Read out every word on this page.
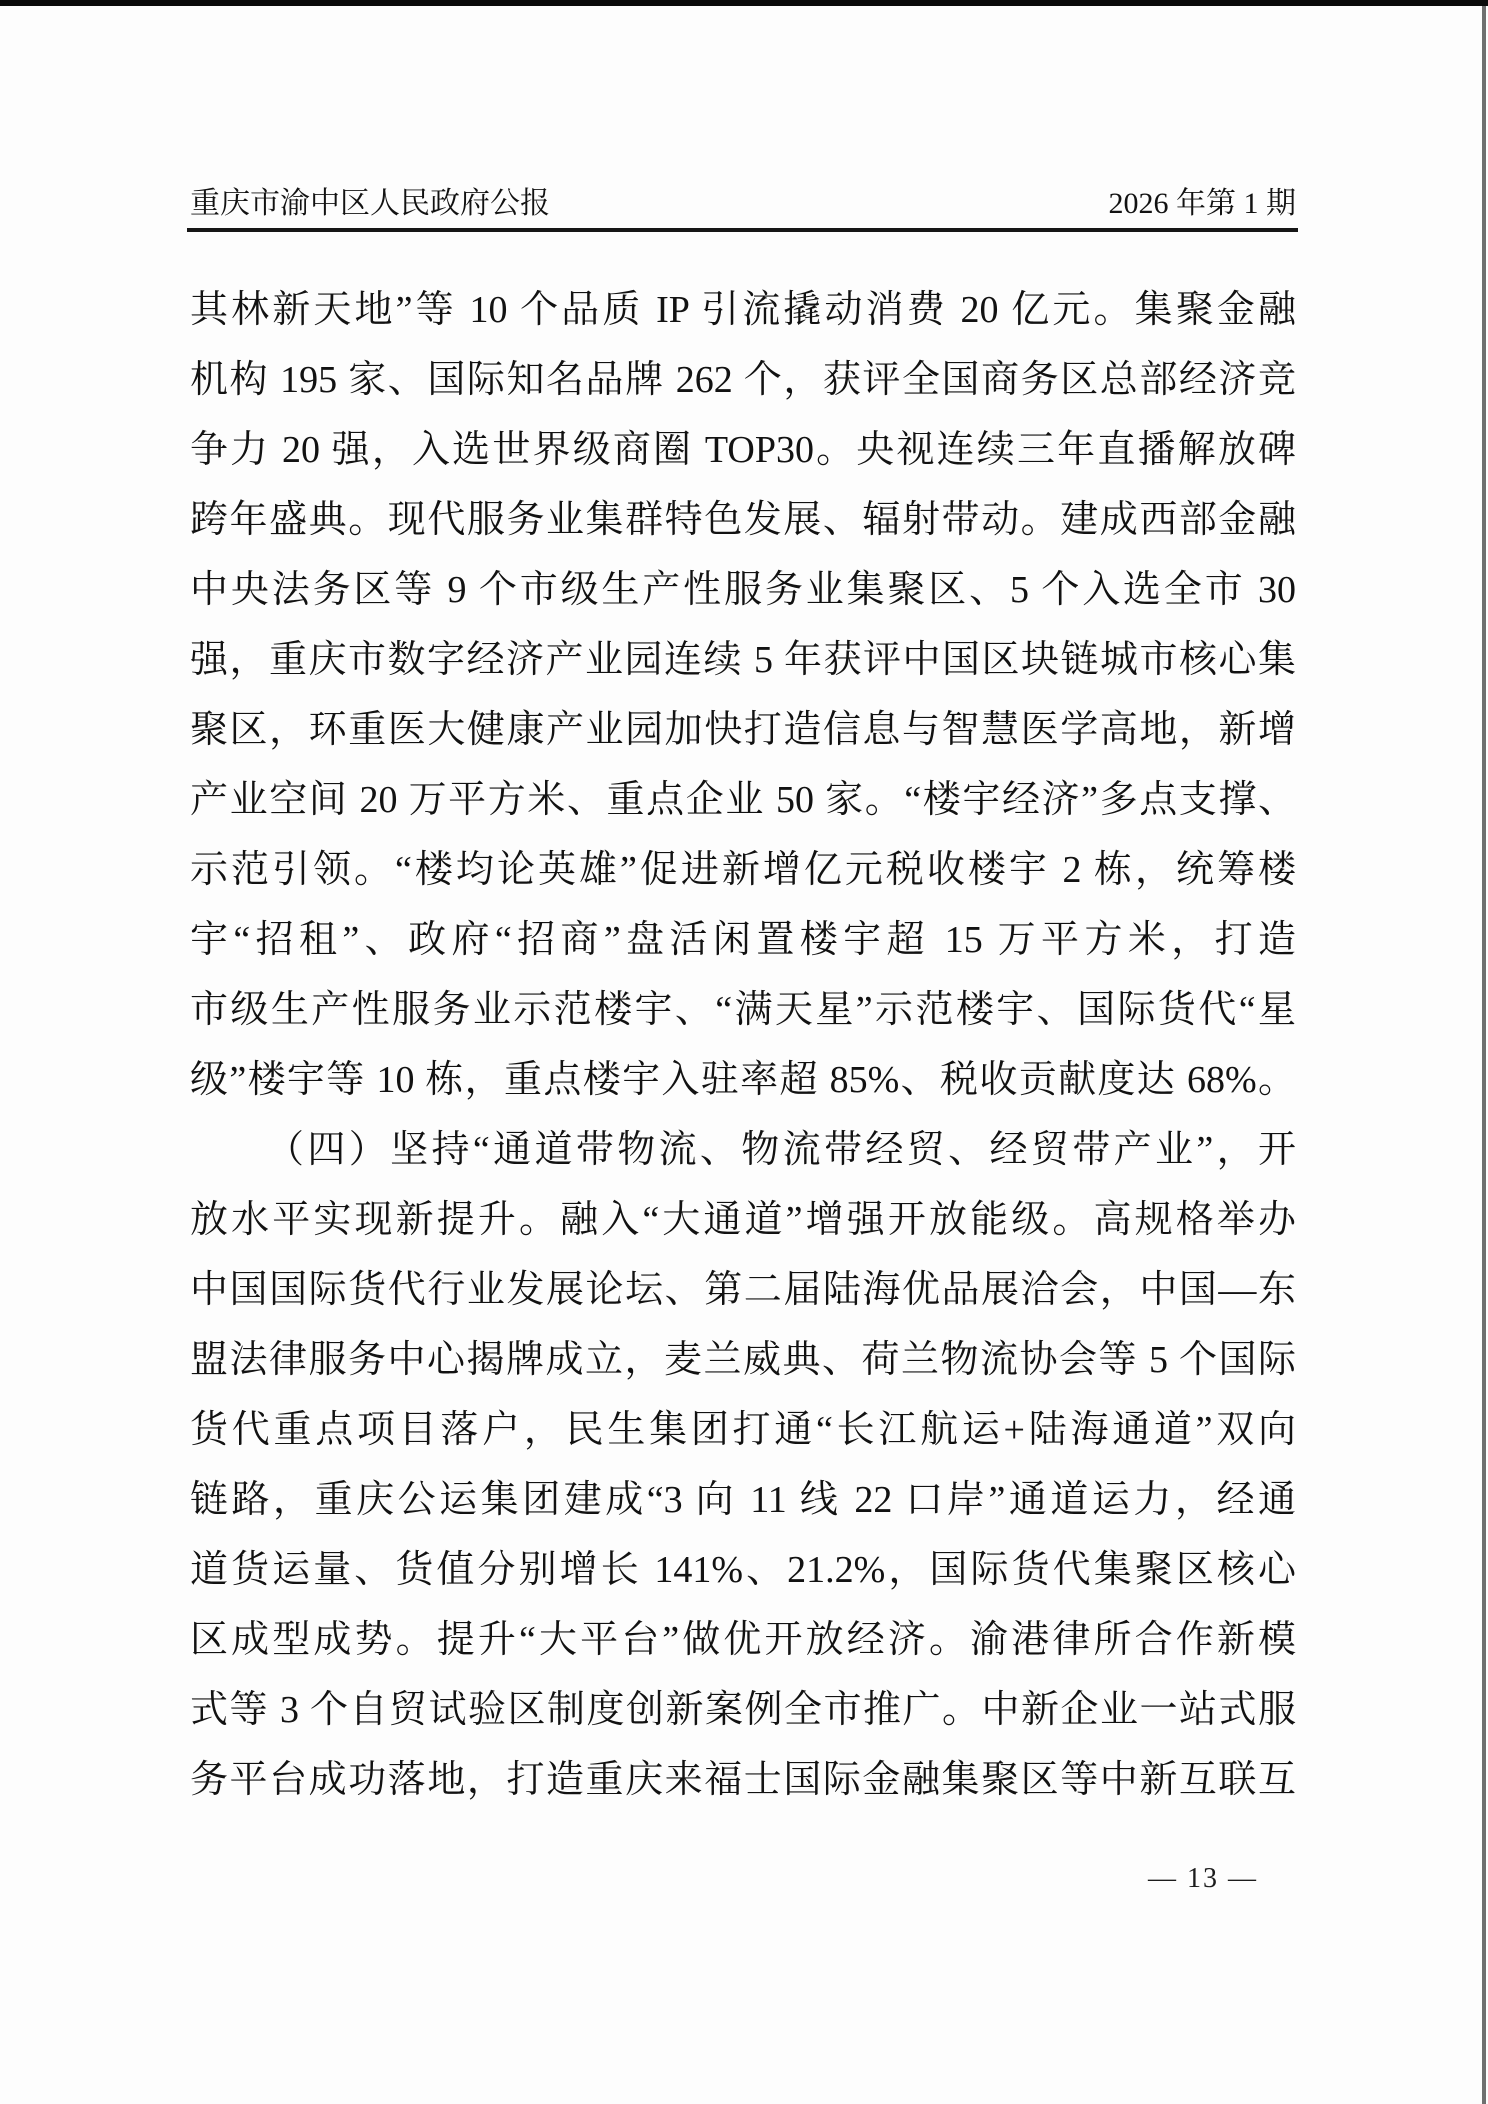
重庆市渝中区人民政府公报	2026 年第 1 期
其林新天地”等 10 个品质 IP 引流撬动消费 20 亿元。集聚金融
机构 195 家、国际知名品牌 262 个，获评全国商务区总部经济竞
争力 20 强，入选世界级商圈 TOP30。央视连续三年直播解放碑
跨年盛典。现代服务业集群特色发展、辐射带动。建成西部金融
中央法务区等 9 个市级生产性服务业集聚区、5 个入选全市 30
强，重庆市数字经济产业园连续 5 年获评中国区块链城市核心集
聚区，环重医大健康产业园加快打造信息与智慧医学高地，新增
产业空间 20 万平方米、重点企业 50 家。“楼宇经济”多点支撑、
示范引领。“楼均论英雄”促进新增亿元税收楼宇 2 栋，统筹楼
宇“招租”、政府“招商”盘活闲置楼宇超 15 万平方米，打造
市级生产性服务业示范楼宇、“满天星”示范楼宇、国际货代“星
级”楼宇等 10 栋，重点楼宇入驻率超 85%、税收贡献度达 68%。
（四）坚持“通道带物流、物流带经贸、经贸带产业”，开
放水平实现新提升。融入“大通道”增强开放能级。高规格举办
中国国际货代行业发展论坛、第二届陆海优品展洽会，中国—东
盟法律服务中心揭牌成立，麦兰威典、荷兰物流协会等 5 个国际
货代重点项目落户，民生集团打通“长江航运+陆海通道”双向
链路，重庆公运集团建成“3 向 11 线 22 口岸”通道运力，经通
道货运量、货值分别增长 141%、21.2%，国际货代集聚区核心
区成型成势。提升“大平台”做优开放经济。渝港律所合作新模
式等 3 个自贸试验区制度创新案例全市推广。中新企业一站式服
务平台成功落地，打造重庆来福士国际金融集聚区等中新互联互
— 13 —
